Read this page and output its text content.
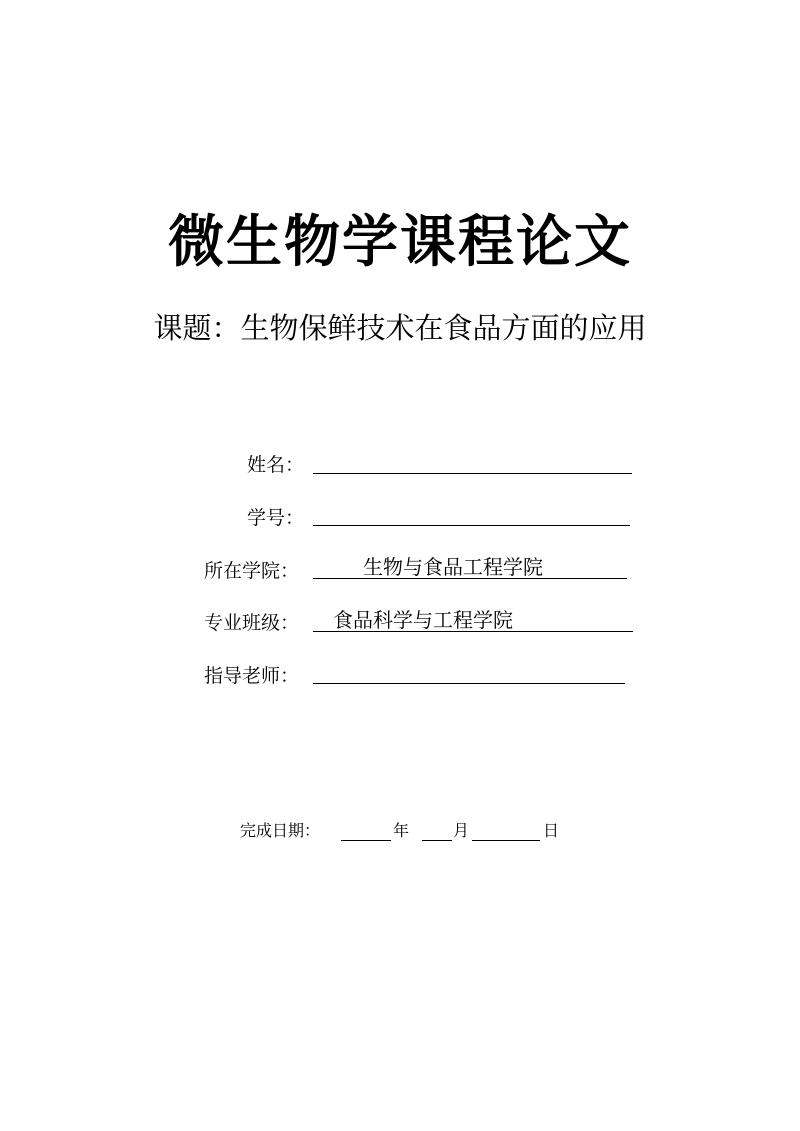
微生物学课程论文
课题：生物保鲜技术在食品方面的应用
姓名：
学号：
所在学院：	生物与食品工程学院
专业班级： 食品科学与工程学院
指导老师：
完成日期：	年	月	日
